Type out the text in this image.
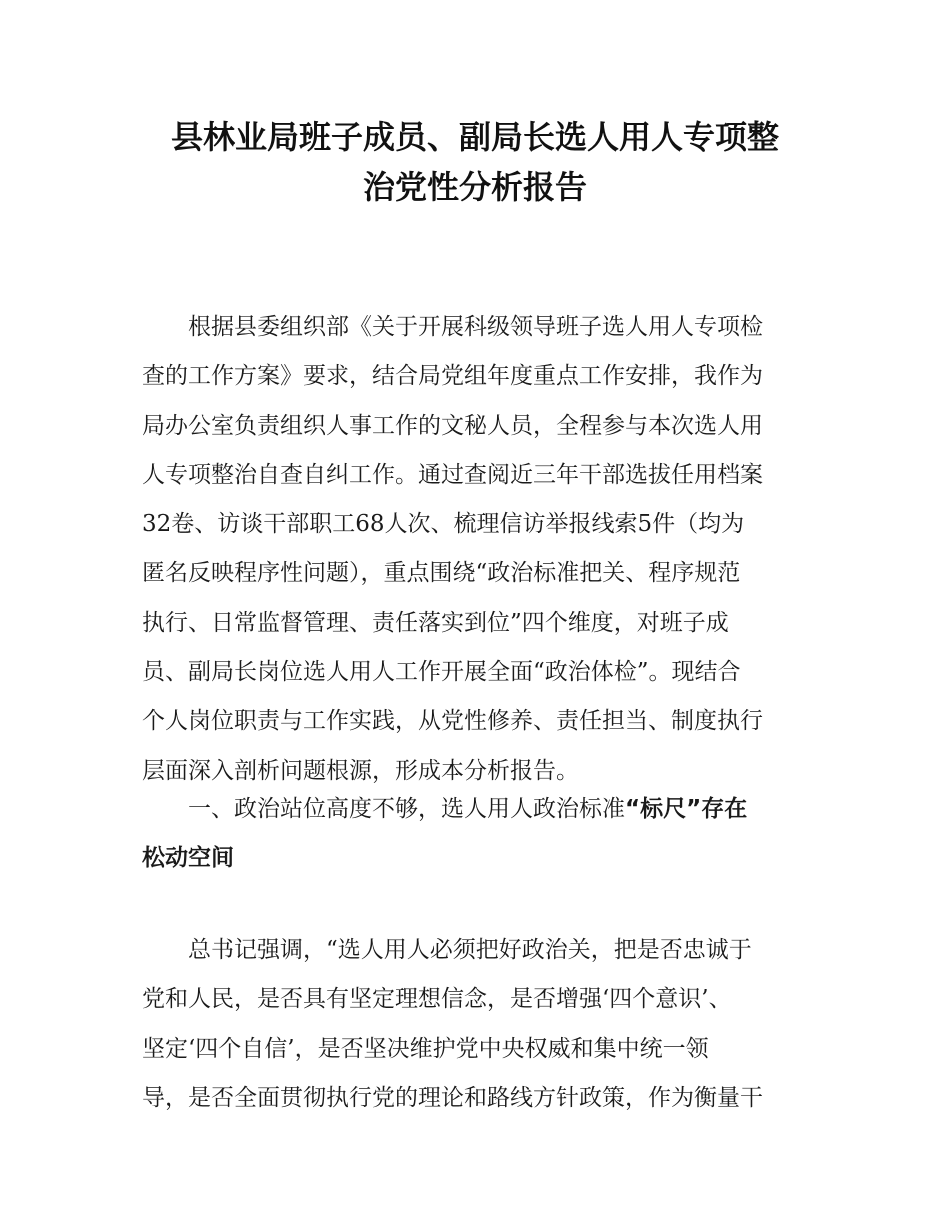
县林业局班子成员、副局长选人用人专项整
治党性分析报告
根据县委组织部《关于开展科级领导班子选人用人专项检
查的工作方案》要求，结合局党组年度重点工作安排，我作为
局办公室负责组织人事工作的文秘人员，全程参与本次选人用
人专项整治自查自纠工作。通过查阅近三年干部选拔任用档案
32卷、访谈干部职工68人次、梳理信访举报线索5件（均为
匿名反映程序性问题），重点围绕“政治标准把关、程序规范
执行、日常监督管理、责任落实到位”四个维度，对班子成
员、副局长岗位选人用人工作开展全面“政治体检”。现结合
个人岗位职责与工作实践，从党性修养、责任担当、制度执行
层面深入剖析问题根源，形成本分析报告。
一、政治站位高度不够，选人用人政治标准“标尺”存在
松动空间
总书记强调，“选人用人必须把好政治关，把是否忠诚于
党和人民，是否具有坚定理想信念，是否增强‘四个意识’、
坚定‘四个自信’，是否坚决维护党中央权威和集中统一领
导，是否全面贯彻执行党的理论和路线方针政策，作为衡量干
